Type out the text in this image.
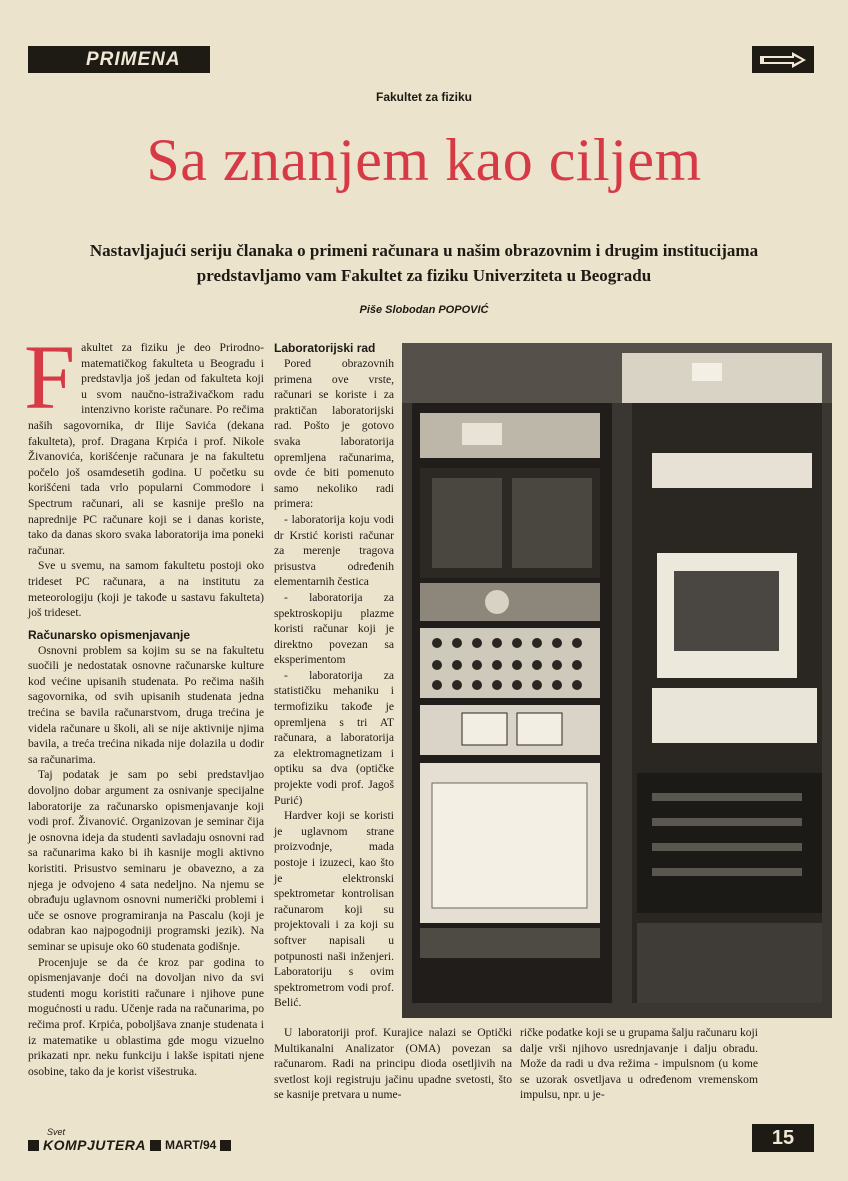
PRIMENA
Fakultet za fiziku
Sa znanjem kao ciljem
Nastavljajući seriju članaka o primeni računara u našim obrazovnim i drugim institucijama predstavljamo vam Fakultet za fiziku Univerziteta u Beogradu
Piše Slobodan POPOVIĆ

Fakultet za fiziku je deo Prirodno-matematičkog fakulteta u Beogradu i predstavlja još jedan od fakulteta koji u svom naučno-istraživačkom radu intenzivno koriste računare. Po rečima naših sagovornika, dr Ilije Savića (dekana fakulteta), prof. Dragana Krpića i prof. Nikole Živanovića, korišćenje računara je na fakultetu počelo još osamdesetih godina. U početku su korišćeni tada vrlo popularni Commodore i Spectrum računari, ali se kasnije prešlo na naprednije PC računare koji se i danas koriste, tako da danas skoro svaka laboratorija ima poneki računar.

Sve u svemu, na samom fakultetu postoji oko trideset PC računara, a na institutu za meteorologiju (koji je takođe u sastavu fakulteta) još trideset.

Računarsko opismenjavanje

Osnovni problem sa kojim su se na fakultetu suočili je nedostatak osnovne računarske kulture kod većine upisanih studenata. Po rečima naših sagovornika, od svih upisanih studenata jedna trećina se bavila računarstvom, druga trećina je videla računare u školi, ali se nije aktivnije njima bavila, a treća trećina nikada nije dolazila u dodir sa računarima.

Taj podatak je sam po sebi predstavljao dovoljno dobar argument za osnivanje specijalne laboratorije za računarsko opismenjavanje koji vodi prof. Živanović. Organizovan je seminar čija je osnovna ideja da studenti savladaju osnovni rad sa računarima kako bi ih kasnije mogli aktivno koristiti. Prisustvo seminaru je obavezno, a za njega je odvojeno 4 sata nedeljno. Na njemu se obrađuju uglavnom osnovni numerički problemi i uče se osnove programiranja na Pascalu (koji je odabran kao najpogodniji programski jezik). Na seminar se upisuje oko 60 studenata godišnje.

Procenjuje se da će kroz par godina to opismenjavanje doći na dovoljan nivo da svi studenti mogu koristiti računare i njihove pune mogućnosti u radu. Učenje rada na računarima, po rečima prof. Krpića, poboljšava znanje studenata i iz matematike u oblastima gde mogu vizuelno prikazati npr. neku funkciju i lakše ispitati njene osobine, tako da je korist višestruka.

Laboratorijski rad

Pored obrazovnih primena ove vrste, računari se koriste i za praktičan laboratorijski rad. Pošto je gotovo svaka laboratorija opremljena računarima, ovde će biti pomenuto samo nekoliko radi primera:

- laboratorija koju vodi dr Krstić koristi računar za merenje tragova prisustva određenih elementarnih čestica

- laboratorija za spektroskopiju plazme koristi računar koji je direktno povezan sa eksperimentom

- laboratorija za statističku mehaniku i termofiziku takođe je opremljena s tri AT računara, a laboratorija za elektromagnetizam i optiku sa dva (optičke projekte vodi prof. Jagoš Purić)

Hardver koji se koristi je uglavnom strane proizvodnje, mada postoje i izuzeci, kao što je elektronski spektrometar kontrolisan računarom koji su projektovali i za koji su softver napisali u potpunosti naši inženjeri. Laboratoriju s ovim spektrometrom vodi prof. Belić.

U laboratoriji prof. Kurajice nalazi se Optički Multikanalni Analizator (OMA) povezan sa računarom. Radi na principu dioda osetljivih na svetlost koji registruju jačinu upadne svetosti, što se kasnije pretvara u nume-

ričke podatke koji se u grupama šalju računaru koji dalje vrši njihovo usrednjavanje i dalju obradu. Može da radi u dva režima - impulsnom (u kome se uzorak osvetljava u određenom vremenskom impulsu, npr. u je-

Svet
KOMPJUTERA MART/94	15
